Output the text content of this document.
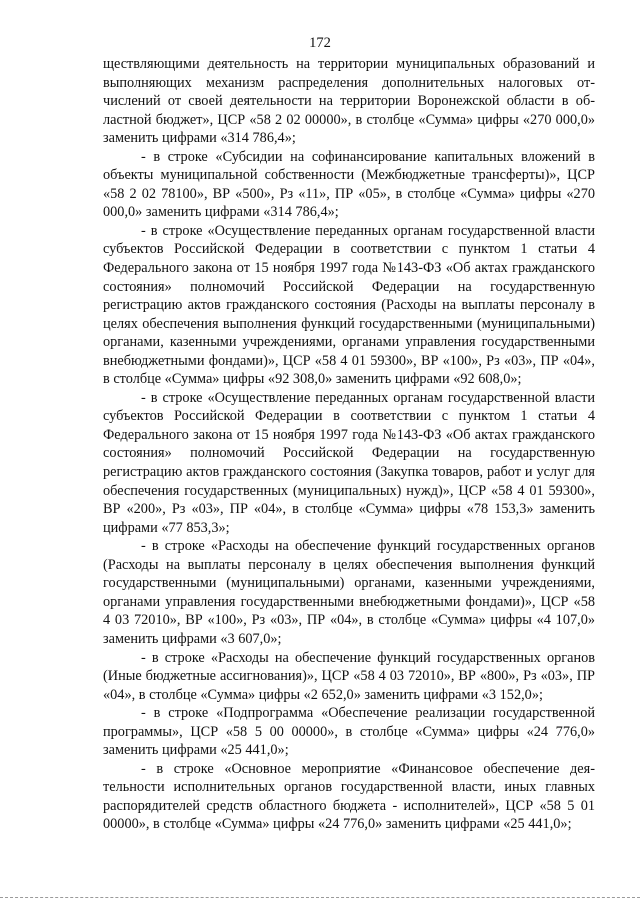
172

ществляющими деятельность на территории муниципальных образований и выполняющих механизм распределения дополнительных налоговых отчислений от своей деятельности на территории Воронежской области в областной бюджет», ЦСР «58 2 02 00000», в столбце «Сумма» цифры «270 000,0» заменить цифрами «314 786,4»;

- в строке «Субсидии на софинансирование капитальных вложений в объекты муниципальной собственности (Межбюджетные трансферты)», ЦСР «58 2 02 78100», ВР «500», Рз «11», ПР «05», в столбце «Сумма» цифры «270 000,0» заменить цифрами «314 786,4»;

- в строке «Осуществление переданных органам государственной власти субъектов Российской Федерации в соответствии с пунктом 1 статьи 4 Федерального закона от 15 ноября 1997 года №143-ФЗ «Об актах гражданского состояния» полномочий Российской Федерации на государственную регистрацию актов гражданского состояния (Расходы на выплаты персоналу в целях обеспечения выполнения функций государственными (муниципальными) органами, казенными учреждениями, органами управления государственными внебюджетными фондами)», ЦСР «58 4 01 59300», ВР «100», Рз «03», ПР «04», в столбце «Сумма» цифры «92 308,0» заменить цифрами «92 608,0»;

- в строке «Осуществление переданных органам государственной власти субъектов Российской Федерации в соответствии с пунктом 1 статьи 4 Федерального закона от 15 ноября 1997 года №143-ФЗ «Об актах гражданского состояния» полномочий Российской Федерации на государственную регистрацию актов гражданского состояния (Закупка товаров, работ и услуг для обеспечения государственных (муниципальных) нужд)», ЦСР «58 4 01 59300», ВР «200», Рз «03», ПР «04», в столбце «Сумма» цифры «78 153,3» заменить цифрами «77 853,3»;

- в строке «Расходы на обеспечение функций государственных органов (Расходы на выплаты персоналу в целях обеспечения выполнения функций государственными (муниципальными) органами, казенными учреждениями, органами управления государственными внебюджетными фондами)», ЦСР «58 4 03 72010», ВР «100», Рз «03», ПР «04», в столбце «Сумма» цифры «4 107,0» заменить цифрами «3 607,0»;

- в строке «Расходы на обеспечение функций государственных органов (Иные бюджетные ассигнования)», ЦСР «58 4 03 72010», ВР «800», Рз «03», ПР «04», в столбце «Сумма» цифры «2 652,0» заменить цифрами «3 152,0»;

- в строке «Подпрограмма «Обеспечение реализации государственной программы», ЦСР «58 5 00 00000», в столбце «Сумма» цифры «24 776,0» заменить цифрами «25 441,0»;

- в строке «Основное мероприятие «Финансовое обеспечение деятельности исполнительных органов государственной власти, иных главных распорядителей средств областного бюджета - исполнителей», ЦСР «58 5 01 00000», в столбце «Сумма» цифры «24 776,0» заменить цифрами «25 441,0»;
